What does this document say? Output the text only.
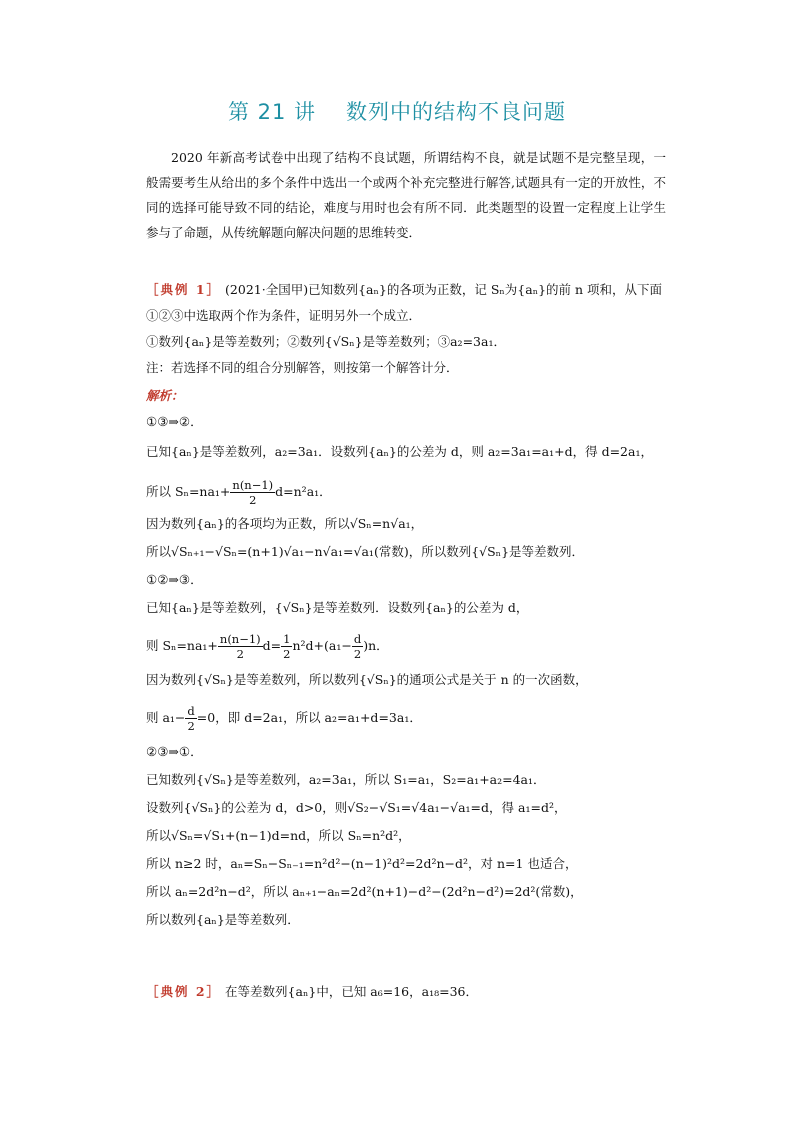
第 21 讲 数列中的结构不良问题
2020 年新高考试卷中出现了结构不良试题，所谓结构不良，就是试题不是完整呈现，一般需要考生从给出的多个条件中选出一个或两个补充完整进行解答,试题具有一定的开放性，不同的选择可能导致不同的结论，难度与用时也会有所不同．此类题型的设置一定程度上让学生参与了命题，从传统解题向解决问题的思维转变．
［典例 1］ (2021·全国甲)已知数列{aₙ}的各项为正数，记 Sₙ为{aₙ}的前 n 项和，从下面
①②③中选取两个作为条件，证明另外一个成立．
①数列{aₙ}是等差数列；②数列{√Sₙ}是等差数列；③a₂=3a₁．
注：若选择不同的组合分别解答，则按第一个解答计分．
解析：
①③⇒②．
已知{aₙ}是等差数列，a₂=3a₁．设数列{aₙ}的公差为 d，则 a₂=3a₁=a₁+d，得 d=2a₁，
所以 $S_n=na_1+ \frac{n(n-1)}{2} d=n^2a_1$．
因为数列{aₙ}的各项均为正数，所以√Sₙ=n√a₁，
所以√Sₙ₊₁−√Sₙ=(n+1)√a₁−n√a₁=√a₁(常数)，所以数列{√Sₙ}是等差数列．
①②⇒③．
已知{aₙ}是等差数列，{√Sₙ}是等差数列．设数列{aₙ}的公差为 d，
则 $S_n=na_1+ \frac{n(n-1)}{2} d= \frac{1}{2} n^2d+(a_1- \frac{d}{2} )n$．
因为数列{√Sₙ}是等差数列，所以数列{√Sₙ}的通项公式是关于 n 的一次函数，
则 $a_1- \frac{d}{2} =0$，即 d=2a₁，所以 a₂=a₁+d=3a₁．
②③⇒①．
已知数列{√Sₙ}是等差数列，a₂=3a₁，所以 S₁=a₁，S₂=a₁+a₂=4a₁．
设数列{√Sₙ}的公差为 d，d>0，则√S₂−√S₁=√4a₁−√a₁=d，得 a₁=d²，
所以√Sₙ=√S₁+(n−1)d=nd，所以 Sₙ=n²d²，
所以 n≥2 时，aₙ=Sₙ−Sₙ₋₁=n²d²−(n−1)²d²=2d²n−d²，对 n=1 也适合，
所以 aₙ=2d²n−d²，所以 aₙ₊₁−aₙ=2d²(n+1)−d²−(2d²n−d²)=2d²(常数)，
所以数列{aₙ}是等差数列．
［典例 2］ 在等差数列{aₙ}中，已知 a₆=16，a₁₈=36．
